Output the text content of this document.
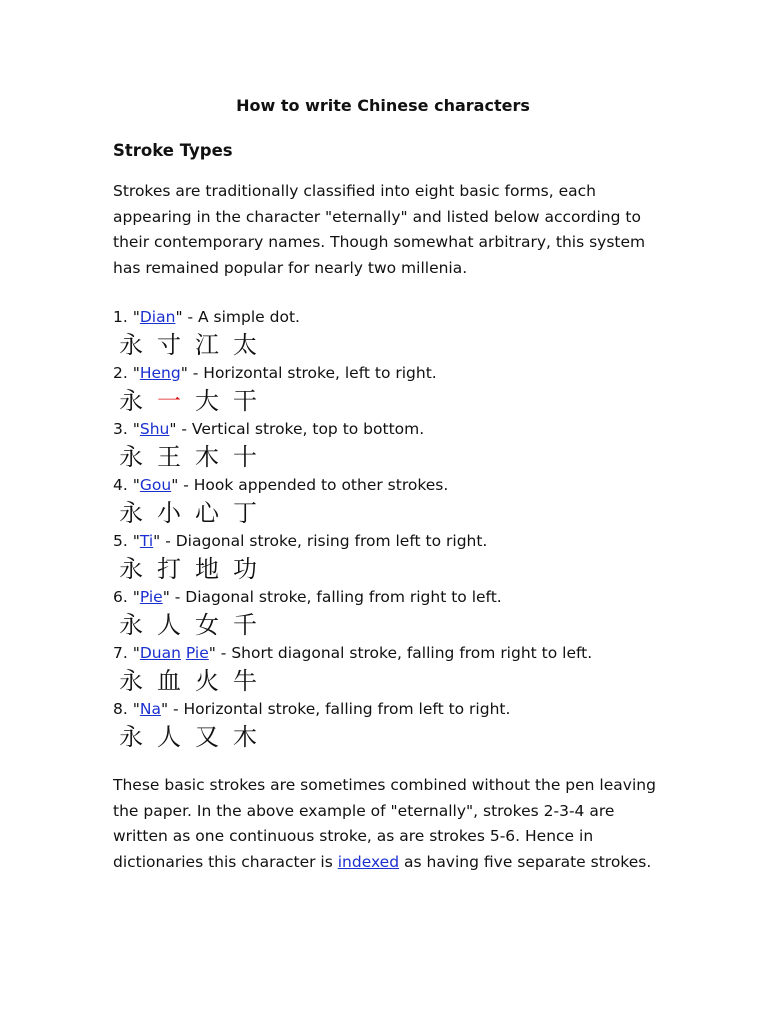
How to write Chinese characters
Stroke Types

Strokes are traditionally classified into eight basic forms, each appearing in the character "eternally" and listed below according to their contemporary names. Though somewhat arbitrary, this system has remained popular for nearly two millenia.

1. "Dian" - A simple dot.

永 寸 江 太

2. "Heng" - Horizontal stroke, left to right.

永 一 大 干

3. "Shu" - Vertical stroke, top to bottom.

永 王 木 十

4. "Gou" - Hook appended to other strokes.

永 小 心 丁

5. "Ti" - Diagonal stroke, rising from left to right.

永 打 地 功

6. "Pie" - Diagonal stroke, falling from right to left.

永 人 女 千

7. "Duan Pie" - Short diagonal stroke, falling from right to left.

永 血 火 牛

8. "Na" - Horizontal stroke, falling from left to right.

永 人 又 木

These basic strokes are sometimes combined without the pen leaving the paper. In the above example of "eternally", strokes 2-3-4 are written as one continuous stroke, as are strokes 5-6. Hence in dictionaries this character is indexed as having five separate strokes.
